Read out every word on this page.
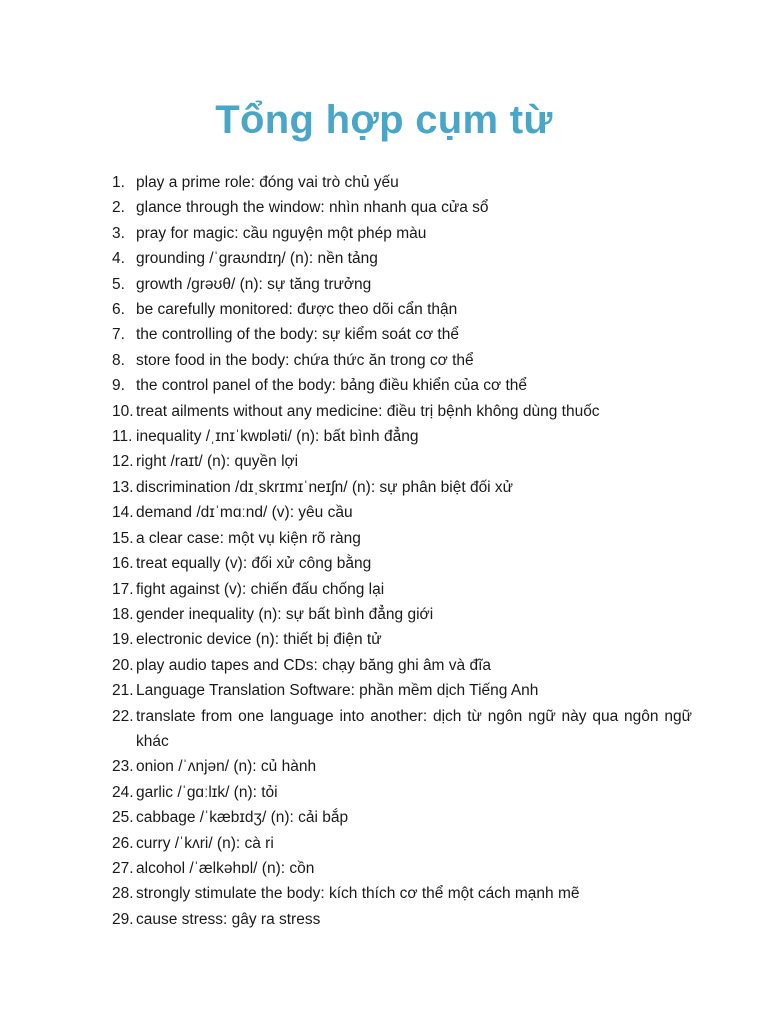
Tổng hợp cụm từ
1. play a prime role: đóng vai trò chủ yếu
2. glance through the window: nhìn nhanh qua cửa sổ
3. pray for magic: cầu nguyện một phép màu
4. grounding /ˈɡraʊndɪŋ/ (n): nền tảng
5. growth /ɡrəʊθ/ (n): sự tăng trưởng
6. be carefully monitored: được theo dõi cẩn thận
7. the controlling of the body: sự kiểm soát cơ thể
8. store food in the body: chứa thức ăn trong cơ thể
9. the control panel of the body: bảng điều khiển của cơ thể
10. treat ailments without any medicine: điều trị bệnh không dùng thuốc
11. inequality /ˌɪnɪˈkwɒləti/ (n): bất bình đẳng
12. right /raɪt/ (n): quyền lợi
13. discrimination /dɪˌskrɪmɪˈneɪʃn/ (n): sự phân biệt đối xử
14. demand /dɪˈmɑːnd/ (v): yêu cầu
15. a clear case: một vụ kiện rõ ràng
16. treat equally (v): đối xử công bằng
17. fight against (v): chiến đấu chống lại
18. gender inequality (n): sự bất bình đẳng giới
19. electronic device (n): thiết bị điện tử
20. play audio tapes and CDs: chạy băng ghi âm và đĩa
21. Language Translation Software: phần mềm dịch Tiếng Anh
22. translate from one language into another: dịch từ ngôn ngữ này qua ngôn ngữ khác
23. onion /ˈʌnjən/ (n): củ hành
24. garlic /ˈɡɑːlɪk/ (n): tỏi
25. cabbage /ˈkæbɪdʒ/ (n): cải bắp
26. curry /ˈkʌri/ (n): cà ri
27. alcohol /ˈælkəhɒl/ (n): cồn
28. strongly stimulate the body: kích thích cơ thể một cách mạnh mẽ
29. cause stress: gây ra stress
